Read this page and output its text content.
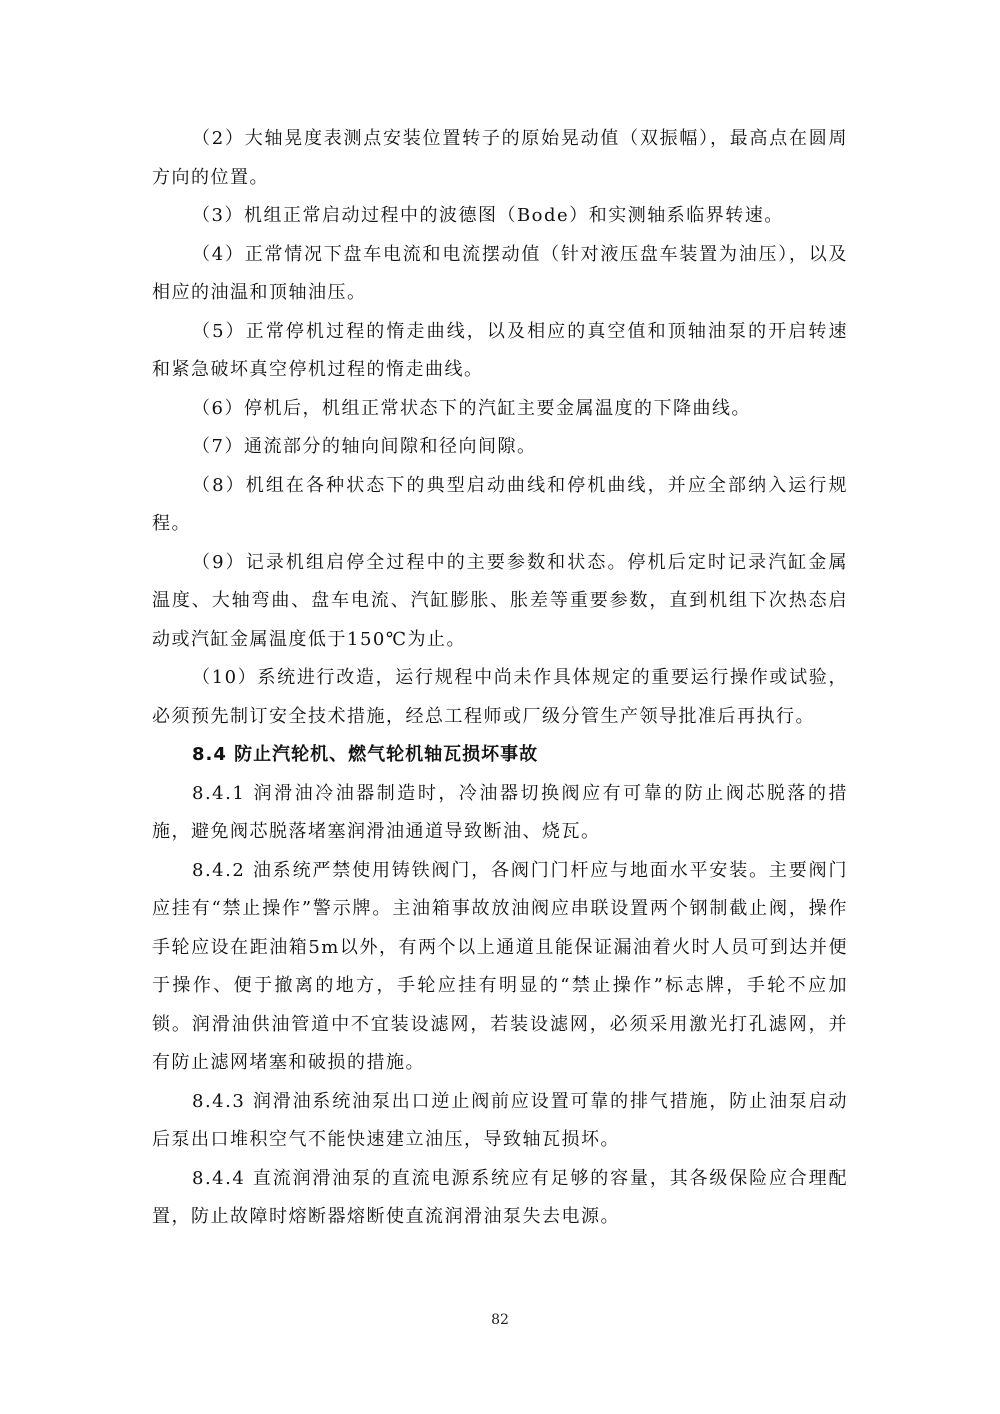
（2）大轴晃度表测点安装位置转子的原始晃动值（双振幅），最高点在圆周方向的位置。

（3）机组正常启动过程中的波德图（Bode）和实测轴系临界转速。

（4）正常情况下盘车电流和电流摆动值（针对液压盘车装置为油压），以及相应的油温和顶轴油压。

（5）正常停机过程的惰走曲线，以及相应的真空值和顶轴油泵的开启转速和紧急破坏真空停机过程的惰走曲线。

（6）停机后，机组正常状态下的汽缸主要金属温度的下降曲线。

（7）通流部分的轴向间隙和径向间隙。

（8）机组在各种状态下的典型启动曲线和停机曲线，并应全部纳入运行规程。

（9）记录机组启停全过程中的主要参数和状态。停机后定时记录汽缸金属温度、大轴弯曲、盘车电流、汽缸膨胀、胀差等重要参数，直到机组下次热态启动或汽缸金属温度低于150℃为止。

（10）系统进行改造，运行规程中尚未作具体规定的重要运行操作或试验，必须预先制订安全技术措施，经总工程师或厂级分管生产领导批准后再执行。

8.4 防止汽轮机、燃气轮机轴瓦损坏事故

8.4.1 润滑油冷油器制造时，冷油器切换阀应有可靠的防止阀芯脱落的措施，避免阀芯脱落堵塞润滑油通道导致断油、烧瓦。

8.4.2 油系统严禁使用铸铁阀门，各阀门门杆应与地面水平安装。主要阀门应挂有“禁止操作”警示牌。主油箱事故放油阀应串联设置两个钢制截止阀，操作手轮应设在距油箱5m以外，有两个以上通道且能保证漏油着火时人员可到达并便于操作、便于撤离的地方，手轮应挂有明显的“禁止操作”标志牌，手轮不应加锁。润滑油供油管道中不宜装设滤网，若装设滤网，必须采用激光打孔滤网，并有防止滤网堵塞和破损的措施。

8.4.3 润滑油系统油泵出口逆止阀前应设置可靠的排气措施，防止油泵启动后泵出口堆积空气不能快速建立油压，导致轴瓦损坏。

8.4.4 直流润滑油泵的直流电源系统应有足够的容量，其各级保险应合理配置，防止故障时熔断器熔断使直流润滑油泵失去电源。

82
